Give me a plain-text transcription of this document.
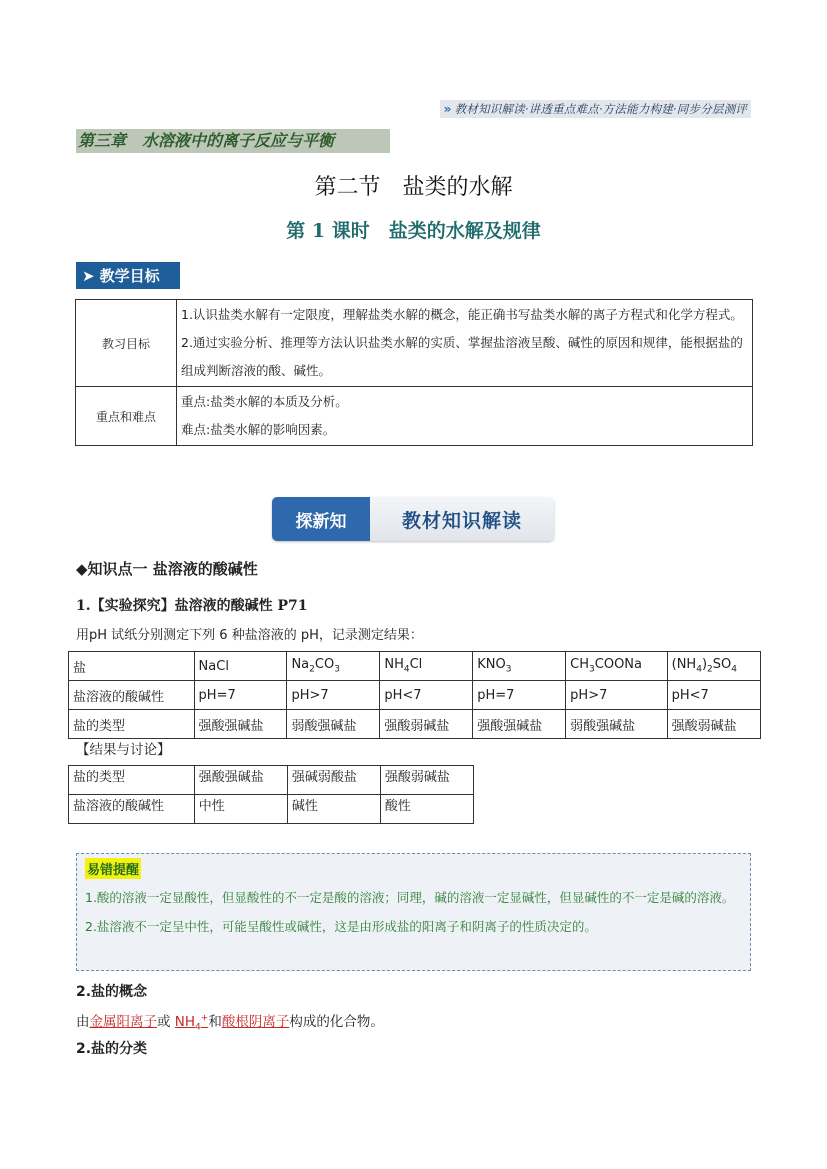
» 教材知识解读·讲透重点难点·方法能力构建·同步分层测评
第三章　水溶液中的离子反应与平衡
第二节　盐类的水解
第 1 课时　盐类的水解及规律
➤ 教学目标
教习目标	1.认识盐类水解有一定限度，理解盐类水解的概念，能正确书写盐类水解的离子方程式和化学方程式。
2.通过实验分析、推理等方法认识盐类水解的实质、掌握盐溶液呈酸、碱性的原因和规律，能根据盐的组成判断溶液的酸、碱性。

重点和难点	重点:盐类水解的本质及分析。
难点:盐类水解的影响因素。
探新知	教材知识解读
◆知识点一 盐溶液的酸碱性
1.【实验探究】盐溶液的酸碱性 P71
用pH 试纸分别测定下列 6 种盐溶液的 pH，记录测定结果：
盐	NaCl	$Na_2CO_3$	$NH_4Cl$	$KNO_3$	$CH_3COONa$	$(NH_4)_2SO_4$
盐溶液的酸碱性	pH=7	pH>7	pH<7	pH=7	pH>7	pH<7
盐的类型	强酸强碱盐	弱酸强碱盐	强酸弱碱盐	强酸强碱盐	弱酸强碱盐	强酸弱碱盐
【结果与讨论】
盐的类型	强酸强碱盐	强碱弱酸盐	强酸弱碱盐
盐溶液的酸碱性	中性	碱性	酸性
易错提醒
1.酸的溶液一定显酸性，但显酸性的不一定是酸的溶液；同理，碱的溶液一定显碱性，但显碱性的不一定是碱的溶液。
2.盐溶液不一定呈中性，可能呈酸性或碱性，这是由形成盐的阳离子和阴离子的性质决定的。
2.盐的概念
由金属阳离子或 $NH_4^+$和酸根阴离子构成的化合物。
2.盐的分类
